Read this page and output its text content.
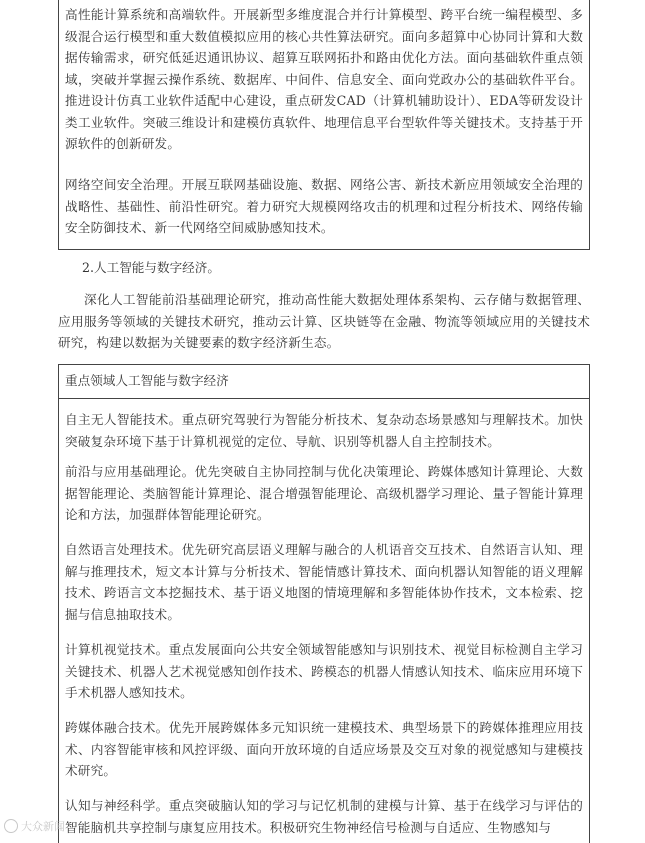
高性能计算系统和高端软件。开展新型多维度混合并行计算模型、跨平台统一编程模型、多级混合运行模型和重大数值模拟应用的核心共性算法研究。面向多超算中心协同计算和大数据传输需求，研究低延迟通讯协议、超算互联网拓扑和路由优化方法。面向基础软件重点领域，突破并掌握云操作系统、数据库、中间件、信息安全、面向党政办公的基础软件平台。推进设计仿真工业软件适配中心建设，重点研发CAD（计算机辅助设计）、EDA等研发设计类工业软件。突破三维设计和建模仿真软件、地理信息平台型软件等关键技术。支持基于开源软件的创新研发。

网络空间安全治理。开展互联网基础设施、数据、网络公害、新技术新应用领域安全治理的战略性、基础性、前沿性研究。着力研究大规模网络攻击的机理和过程分析技术、网络传输安全防御技术、新一代网络空间威胁感知技术。

2.人工智能与数字经济。

深化人工智能前沿基础理论研究，推动高性能大数据处理体系架构、云存储与数据管理、应用服务等领域的关键技术研究，推动云计算、区块链等在金融、物流等领域应用的关键技术研究，构建以数据为关键要素的数字经济新生态。

重点领域人工智能与数字经济

自主无人智能技术。重点研究驾驶行为智能分析技术、复杂动态场景感知与理解技术。加快突破复杂环境下基于计算机视觉的定位、导航、识别等机器人自主控制技术。

前沿与应用基础理论。优先突破自主协同控制与优化决策理论、跨媒体感知计算理论、大数据智能理论、类脑智能计算理论、混合增强智能理论、高级机器学习理论、量子智能计算理论和方法，加强群体智能理论研究。

自然语言处理技术。优先研究高层语义理解与融合的人机语音交互技术、自然语言认知、理解与推理技术，短文本计算与分析技术、智能情感计算技术、面向机器认知智能的语义理解技术、跨语言文本挖掘技术、基于语义地图的情境理解和多智能体协作技术，文本检索、挖掘与信息抽取技术。

计算机视觉技术。重点发展面向公共安全领域智能感知与识别技术、视觉目标检测自主学习关键技术、机器人艺术视觉感知创作技术、跨模态的机器人情感认知技术、临床应用环境下手术机器人感知技术。

跨媒体融合技术。优先开展跨媒体多元知识统一建模技术、典型场景下的跨媒体推理应用技术、内容智能审核和风控评级、面向开放环境的自适应场景及交互对象的视觉感知与建模技术研究。

认知与神经科学。重点突破脑认知的学习与记忆机制的建模与计算、基于在线学习与评估的智能脑机共享控制与康复应用技术。积极研究生物神经信号检测与自适应、生物感知与

大众新闻
